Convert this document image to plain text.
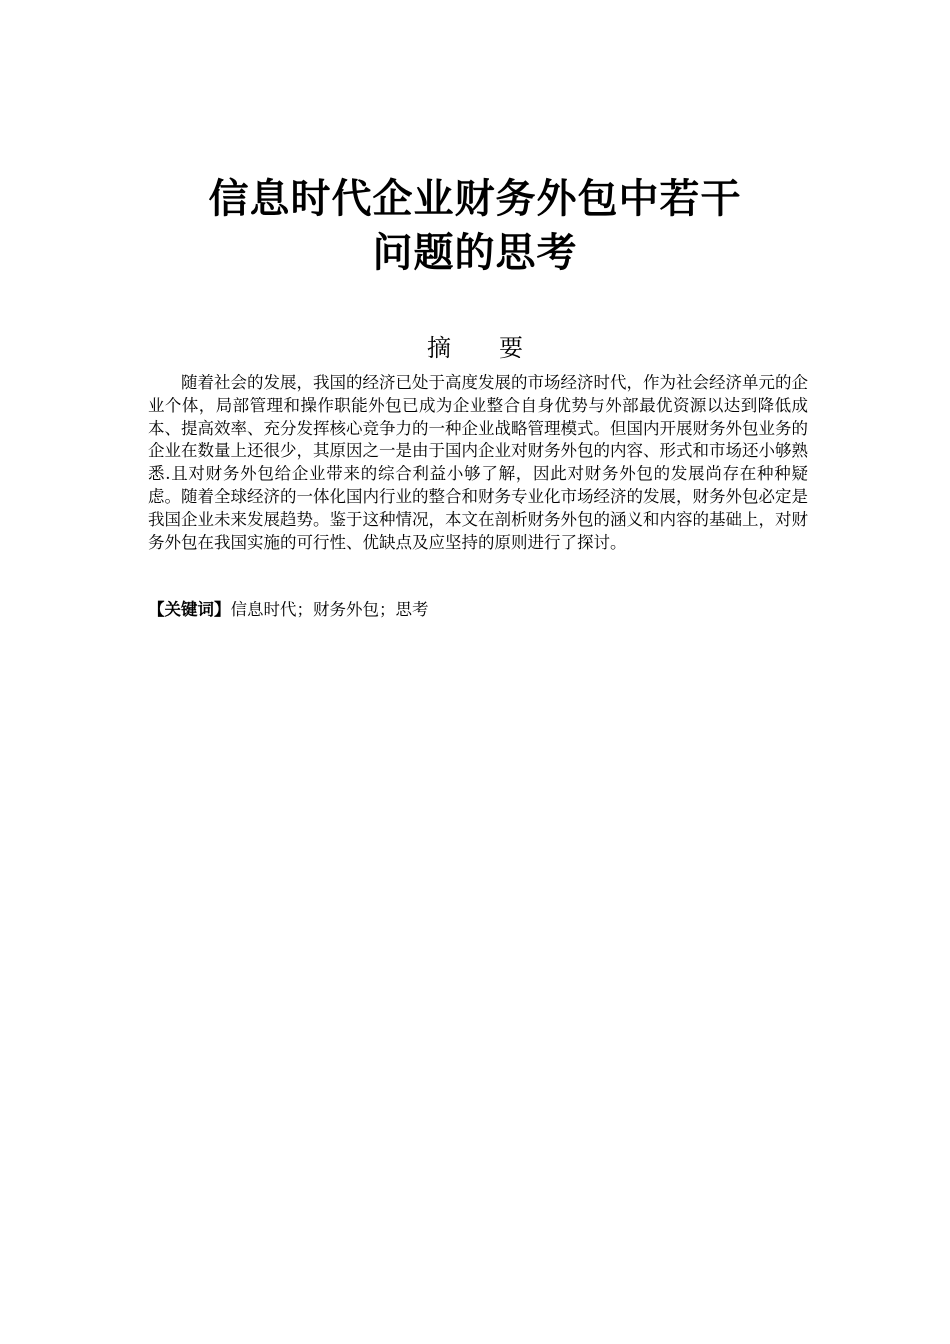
信息时代企业财务外包中若干
问题的思考
摘 要

随着社会的发展，我国的经济已处于高度发展的市场经济时代，作为社会经济单元的企业个体，局部管理和操作职能外包已成为企业整合自身优势与外部最优资源以达到降低成本、提高效率、充分发挥核心竞争力的一种企业战略管理模式。但国内开展财务外包业务的企业在数量上还很少，其原因之一是由于国内企业对财务外包的内容、形式和市场还小够熟悉.且对财务外包给企业带来的综合利益小够了解，因此对财务外包的发展尚存在种种疑虑。随着全球经济的一体化国内行业的整合和财务专业化市场经济的发展，财务外包必定是我国企业未来发展趋势。鉴于这种情况，本文在剖析财务外包的涵义和内容的基础上，对财务外包在我国实施的可行性、优缺点及应坚持的原则进行了探讨。

【关键词】信息时代；财务外包；思考
